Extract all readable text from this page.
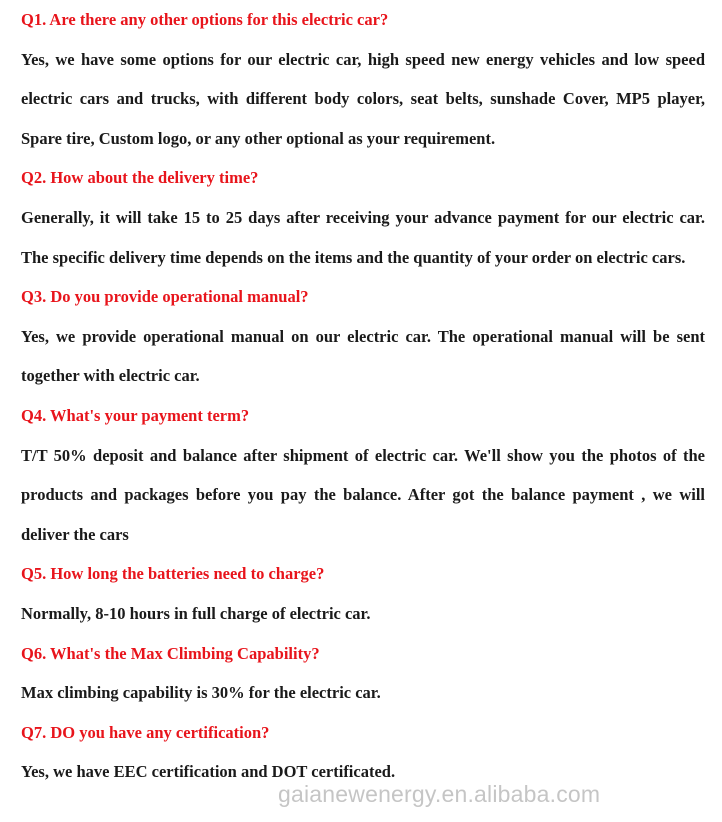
Q1. Are there any other options for this electric car?
Yes, we have some options for our electric car, high speed new energy vehicles and low speed electric cars and trucks, with different body colors, seat belts, sunshade Cover, MP5 player, Spare tire, Custom logo, or any other optional as your requirement.
Q2. How about the delivery time?
Generally, it will take 15 to 25 days after receiving your advance payment for our electric car. The specific delivery time depends on the items and the quantity of your order on electric cars.
Q3. Do you provide operational manual?
Yes, we provide operational manual on our electric car. The operational manual will be sent together with electric car.
Q4. What's your payment term?
T/T 50% deposit and balance after shipment of electric car. We'll show you the photos of the products and packages before you pay the balance. After got the balance payment , we will deliver the cars
Q5. How long the batteries need to charge?
Normally, 8-10 hours in full charge of electric car.
Q6. What's the Max Climbing Capability?
Max climbing capability is 30% for the electric car.
Q7. DO you have any certification?
Yes, we have EEC certification and DOT certificated.
gaianewenergy.en.alibaba.com
